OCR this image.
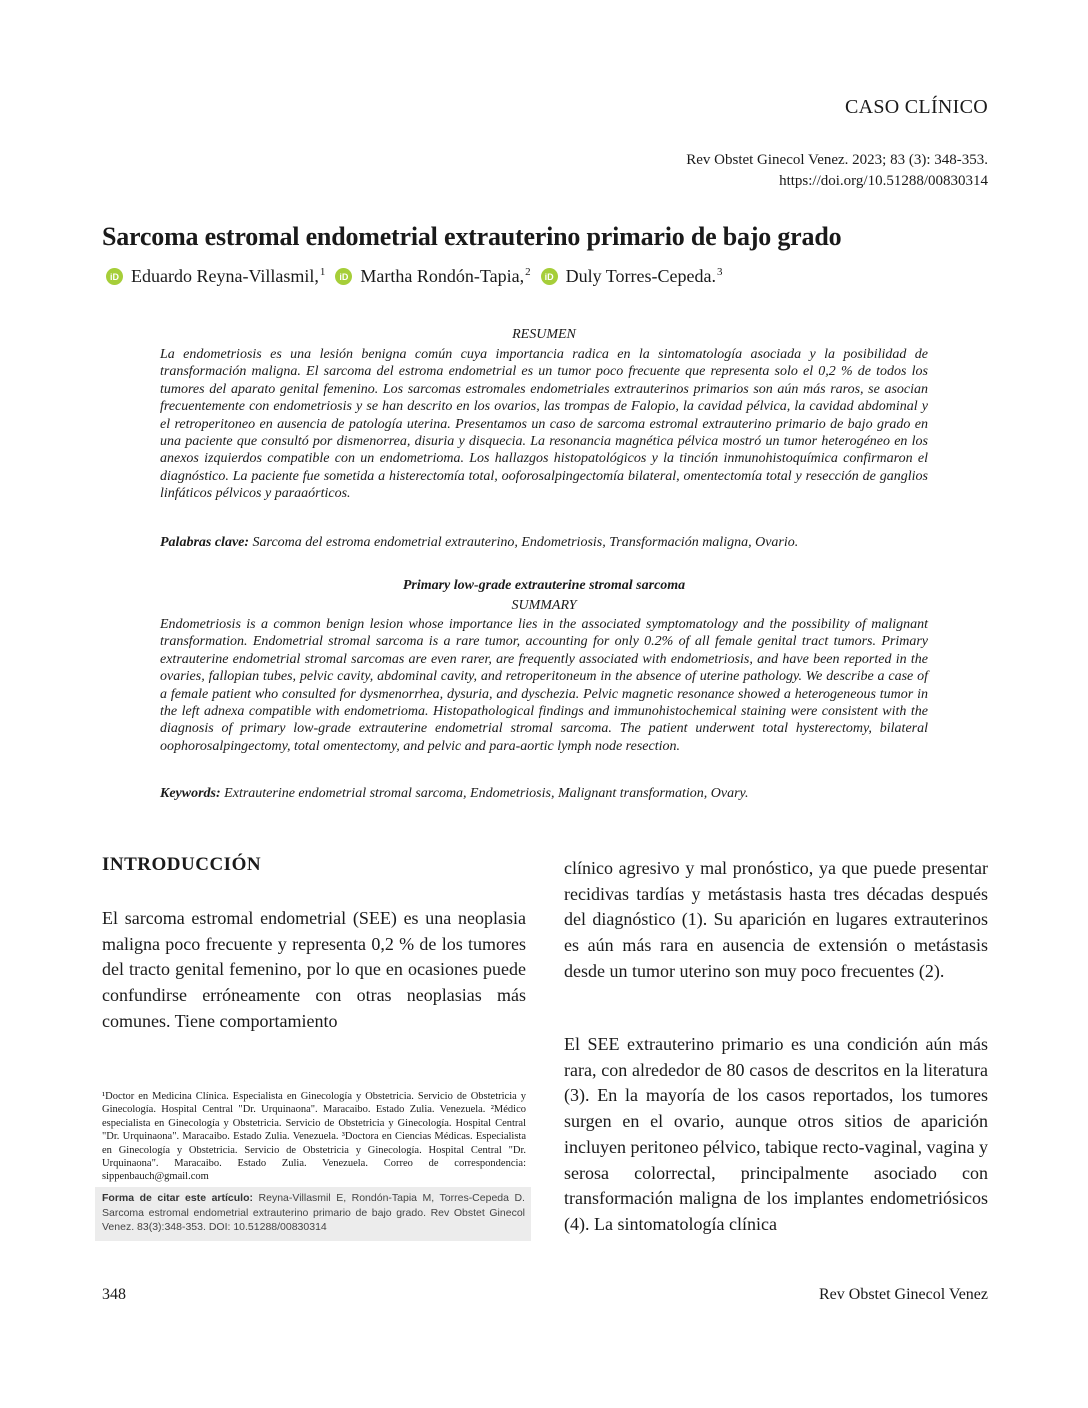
CASO CLÍNICO
Rev Obstet Ginecol Venez. 2023; 83 (3): 348-353.
https://doi.org/10.51288/00830314
Sarcoma estromal endometrial extrauterino primario de bajo grado
iD Eduardo Reyna-Villasmil,$^1$	iD Martha Rondón-Tapia,$^2$	iD Duly Torres-Cepeda.$^3$
RESUMEN
La endometriosis es una lesión benigna común cuya importancia radica en la sintomatología asociada y la posibilidad de transformación maligna. El sarcoma del estroma endometrial es un tumor poco frecuente que representa solo el 0,2 % de todos los tumores del aparato genital femenino. Los sarcomas estromales endometriales extrauterinos primarios son aún más raros, se asocian frecuentemente con endometriosis y se han descrito en los ovarios, las trompas de Falopio, la cavidad pélvica, la cavidad abdominal y el retroperitoneo en ausencia de patología uterina. Presentamos un caso de sarcoma estromal extrauterino primario de bajo grado en una paciente que consultó por dismenorrea, disuria y disquecia. La resonancia magnética pélvica mostró un tumor heterogéneo en los anexos izquierdos compatible con un endometrioma. Los hallazgos histopatológicos y la tinción inmunohistoquímica confirmaron el diagnóstico. La paciente fue sometida a histerectomía total, ooforosalpingectomía bilateral, omentectomía total y resección de ganglios linfáticos pélvicos y paraaórticos.
Palabras clave: Sarcoma del estroma endometrial extrauterino, Endometriosis, Transformación maligna, Ovario.
Primary low-grade extrauterine stromal sarcoma
SUMMARY
Endometriosis is a common benign lesion whose importance lies in the associated symptomatology and the possibility of malignant transformation. Endometrial stromal sarcoma is a rare tumor, accounting for only 0.2% of all female genital tract tumors. Primary extrauterine endometrial stromal sarcomas are even rarer, are frequently associated with endometriosis, and have been reported in the ovaries, fallopian tubes, pelvic cavity, abdominal cavity, and retroperitoneum in the absence of uterine pathology. We describe a case of a female patient who consulted for dysmenorrhea, dysuria, and dyschezia. Pelvic magnetic resonance showed a heterogeneous tumor in the left adnexa compatible with endometrioma. Histopathological findings and immunohistochemical staining were consistent with the diagnosis of primary low-grade extrauterine endometrial stromal sarcoma. The patient underwent total hysterectomy, bilateral oophorosalpingectomy, total omentectomy, and pelvic and para-aortic lymph node resection.
Keywords: Extrauterine endometrial stromal sarcoma, Endometriosis, Malignant transformation, Ovary.
INTRODUCCIÓN
El sarcoma estromal endometrial (SEE) es una neoplasia maligna poco frecuente y representa 0,2 % de los tumores del tracto genital femenino, por lo que en ocasiones puede confundirse erróneamente con otras neoplasias más comunes. Tiene comportamiento
clínico agresivo y mal pronóstico, ya que puede presentar recidivas tardías y metástasis hasta tres décadas después del diagnóstico (1). Su aparición en lugares extrauterinos es aún más rara en ausencia de extensión o metástasis desde un tumor uterino son muy poco frecuentes (2).
El SEE extrauterino primario es una condición aún más rara, con alrededor de 80 casos de descritos en la literatura (3). En la mayoría de los casos reportados, los tumores surgen en el ovario, aunque otros sitios de aparición incluyen peritoneo pélvico, tabique recto-vaginal, vagina y serosa colorrectal, principalmente asociado con transformación maligna de los implantes endometriósicos (4). La sintomatología clínica
¹Doctor en Medicina Clínica. Especialista en Ginecología y Obstetricia. Servicio de Obstetricia y Ginecología. Hospital Central "Dr. Urquinaona". Maracaibo. Estado Zulia. Venezuela. ²Médico especialista en Ginecología y Obstetricia. Servicio de Obstetricia y Ginecología. Hospital Central "Dr. Urquinaona". Maracaibo. Estado Zulia. Venezuela. ³Doctora en Ciencias Médicas. Especialista en Ginecología y Obstetricia. Servicio de Obstetricia y Ginecología. Hospital Central "Dr. Urquinaona". Maracaibo. Estado Zulia. Venezuela. Correo de correspondencia: sippenbauch@gmail.com
Forma de citar este artículo: Reyna-Villasmil E, Rondón-Tapia M, Torres-Cepeda D. Sarcoma estromal endometrial extrauterino primario de bajo grado. Rev Obstet Ginecol Venez. 83(3):348-353. DOI: 10.51288/00830314
348	Rev Obstet Ginecol Venez
